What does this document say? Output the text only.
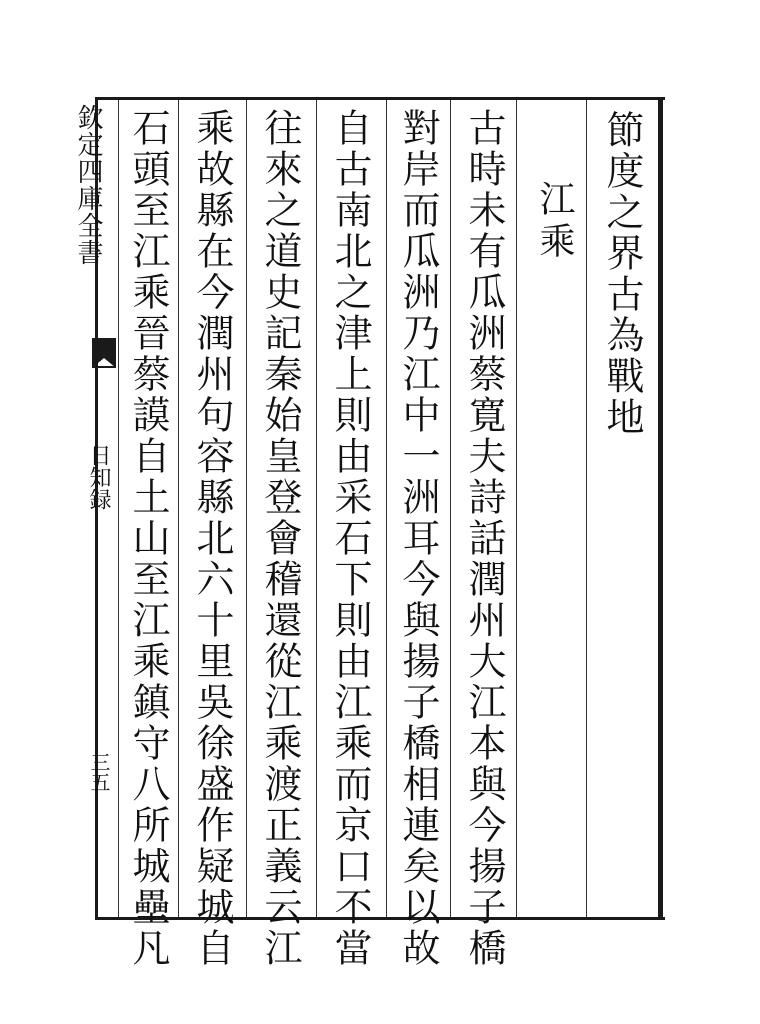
欽定四庫全書
日知録
三五
節度之界古為戰地
江乘
古時未有瓜洲蔡寛夫詩話潤州大江本與今揚子橋
對岸而瓜洲乃江中一洲耳今與揚子橋相連矣以故
自古南北之津上則由采石下則由江乘而京口不當
往來之道史記秦始皇登會稽還從江乘渡正義云江
乘故縣在今潤州句容縣北六十里吳徐盛作疑城自
石頭至江乘晉蔡謨自土山至江乘鎮守八所城壘凡
